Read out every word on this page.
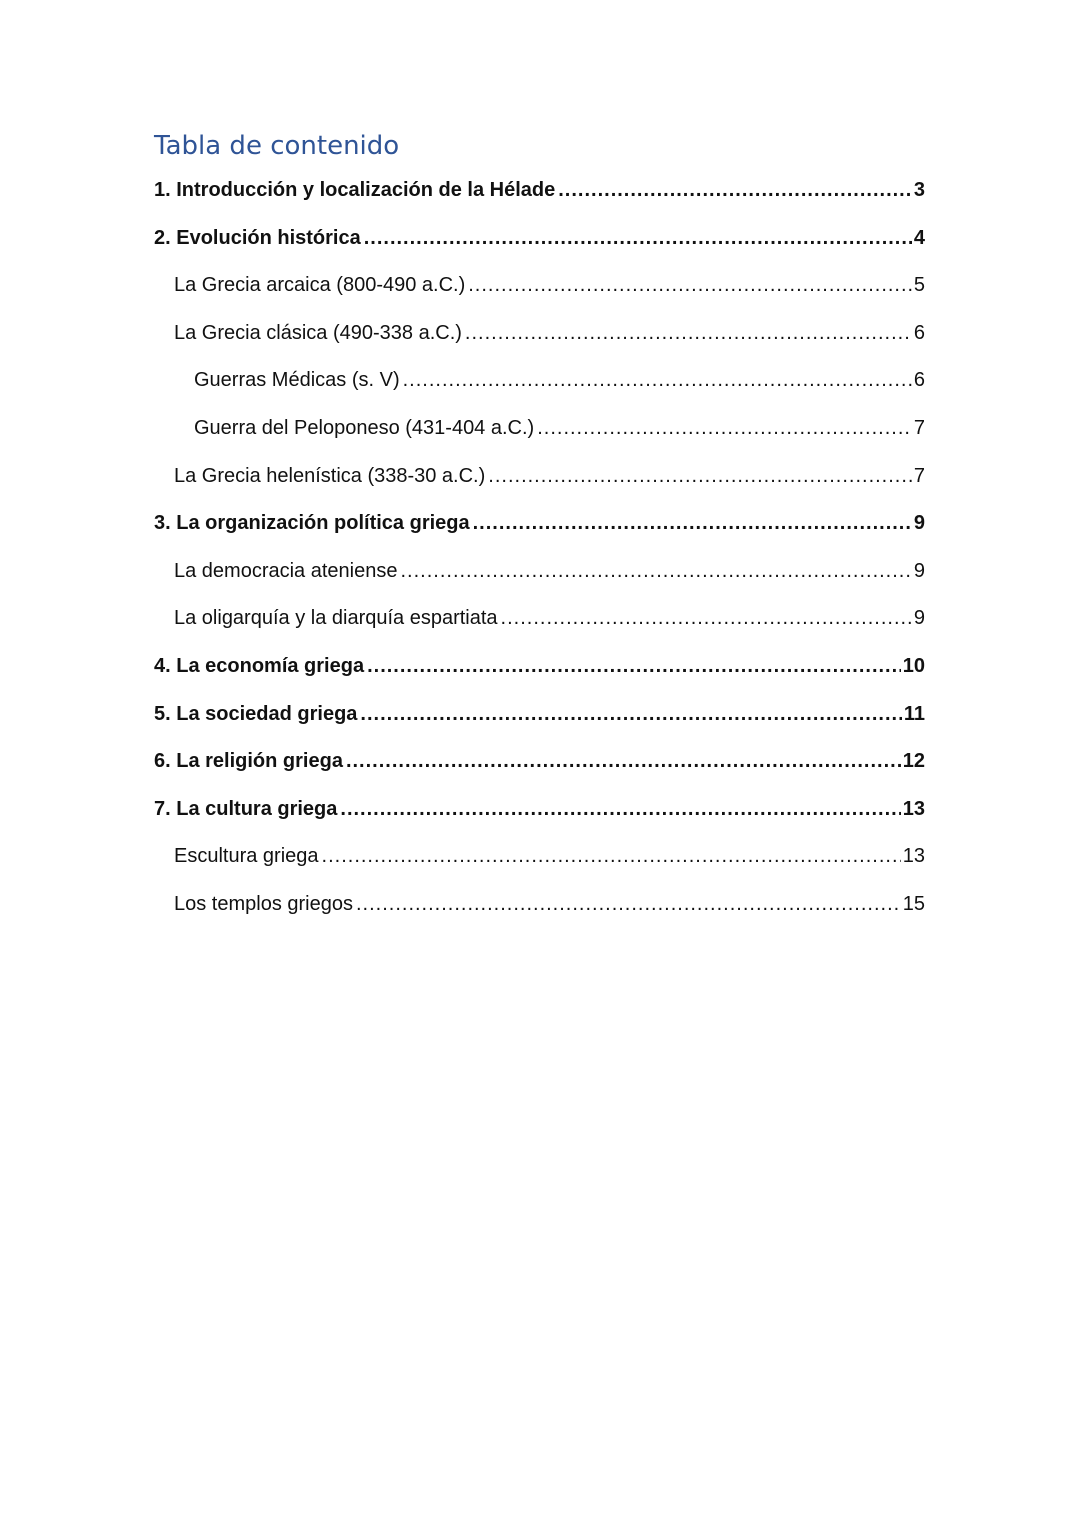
Tabla de contenido
1. Introducción y localización de la Hélade .....	3
2. Evolución histórica .....	4
La Grecia arcaica (800-490 a.C.) .....	5
La Grecia clásica (490-338 a.C.) .....	6
Guerras Médicas (s. V) .....	6
Guerra del Peloponeso (431-404 a.C.) .....	7
La Grecia helenística (338-30 a.C.) .....	7
3. La organización política griega .....	9
La democracia ateniense .....	9
La oligarquía y la diarquía espartiata .....	9
4. La economía griega .....	10
5. La sociedad griega .....	11
6. La religión griega .....	12
7. La cultura griega .....	13
Escultura griega .....	13
Los templos griegos .....	15
